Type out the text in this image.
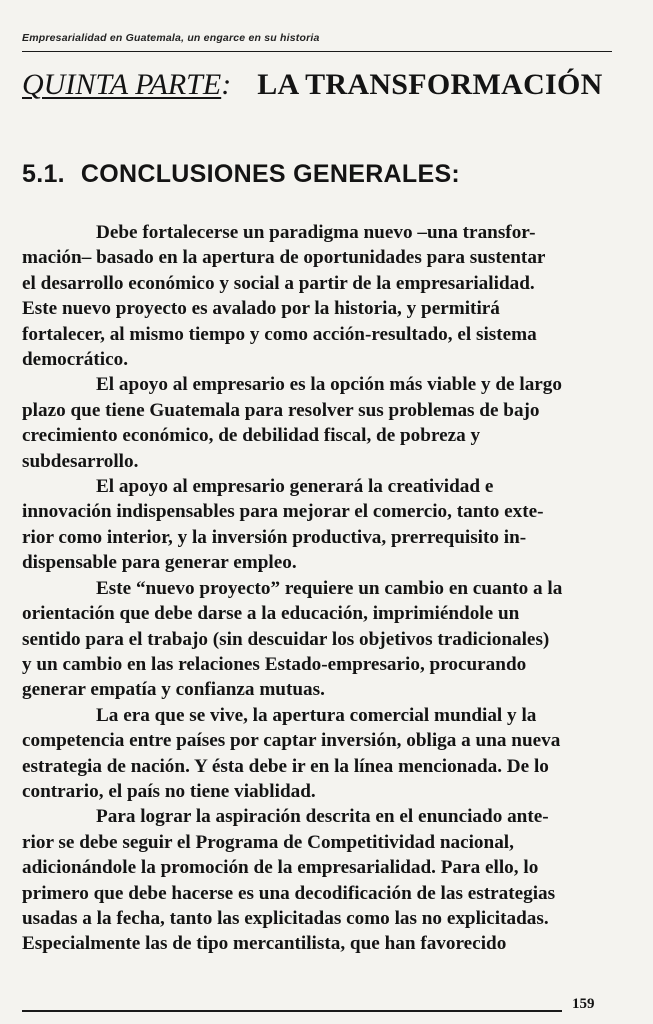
Empresarialidad en Guatemala, un engarce en su historia
QUINTA PARTE: LA TRANSFORMACIÓN
5.1. CONCLUSIONES GENERALES:

Debe fortalecerse un paradigma nuevo –una transfor-
mación– basado en la apertura de oportunidades para sustentar
el desarrollo económico y social a partir de la empresarialidad.
Este nuevo proyecto es avalado por la historia, y permitirá
fortalecer, al mismo tiempo y como acción-resultado, el sistema
democrático.

El apoyo al empresario es la opción más viable y de largo
plazo que tiene Guatemala para resolver sus problemas de bajo
crecimiento económico, de debilidad fiscal, de pobreza y
subdesarrollo.

El apoyo al empresario generará la creatividad e
innovación indispensables para mejorar el comercio, tanto exte-
rior como interior, y la inversión productiva, prerrequisito in-
dispensable para generar empleo.

Este “nuevo proyecto” requiere un cambio en cuanto a la
orientación que debe darse a la educación, imprimiéndole un
sentido para el trabajo (sin descuidar los objetivos tradicionales)
y un cambio en las relaciones Estado-empresario, procurando
generar empatía y confianza mutuas.

La era que se vive, la apertura comercial mundial y la
competencia entre países por captar inversión, obliga a una nueva
estrategia de nación. Y ésta debe ir en la línea mencionada. De lo
contrario, el país no tiene viablidad.

Para lograr la aspiración descrita en el enunciado ante-
rior se debe seguir el Programa de Competitividad nacional,
adicionándole la promoción de la empresarialidad. Para ello, lo
primero que debe hacerse es una decodificación de las estrategias
usadas a la fecha, tanto las explicitadas como las no explicitadas.
Especialmente las de tipo mercantilista, que han favorecido

159
